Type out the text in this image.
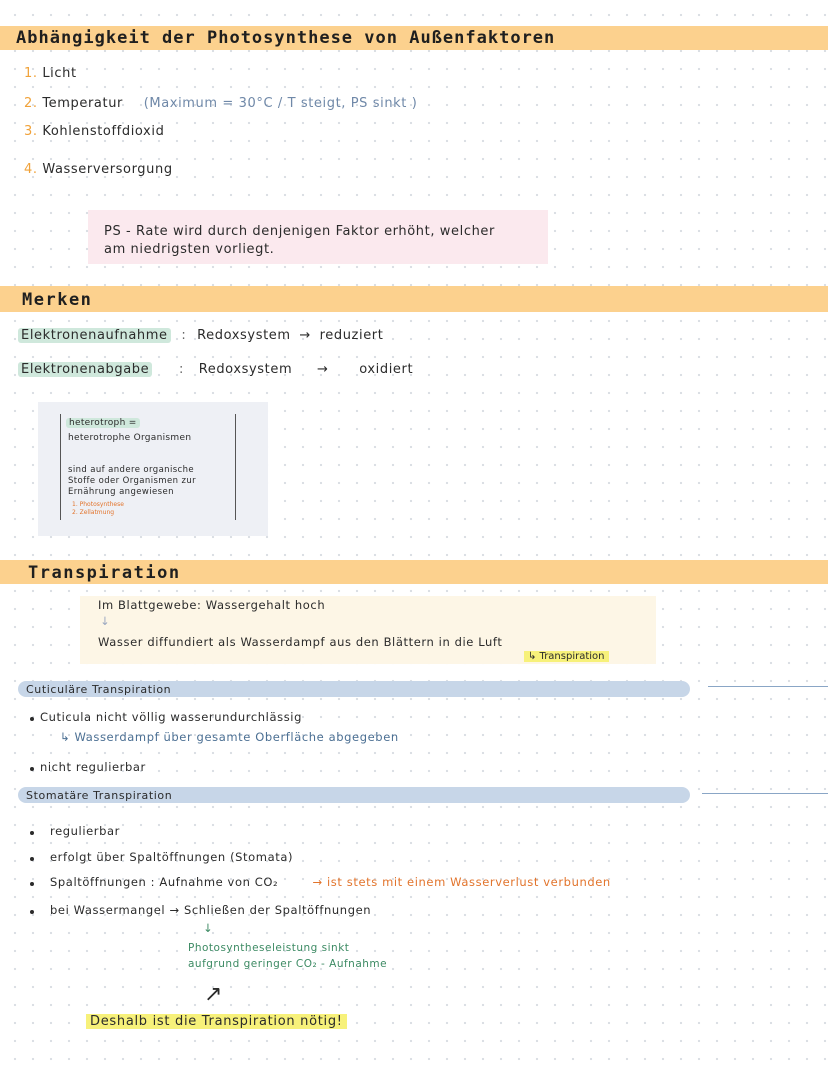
Abhängigkeit der Photosynthese von Außenfaktoren
1. Licht
2. Temperatur (Maximum = 30°C / T steigt, PS sinkt )
3. Kohlenstoffdioxid
4. Wasserversorgung
PS - Rate wird durch denjenigen Faktor erhöht, welcher
am niedrigsten vorliegt.
Merken
Elektronenaufnahme : Redoxsystem → reduziert
Elektronenabgabe : Redoxsystem → oxidiert
heterotroph =
heterotrophe Organismen
sind auf andere organische
Stoffe oder Organismen zur
Ernährung angewiesen
1. Photosynthese
2. Zellatmung
Transpiration
Im Blattgewebe: Wassergehalt hoch
↓
Wasser diffundiert als Wasserdampf aus den Blättern in die Luft
↳ Transpiration
Cuticuläre Transpiration
Cuticula nicht völlig wasserundurchlässig
↳ Wasserdampf über gesamte Oberfläche abgegeben
nicht regulierbar
Stomatäre Transpiration
regulierbar
erfolgt über Spaltöffnungen (Stomata)
Spaltöffnungen : Aufnahme von CO₂	→ ist stets mit einem Wasserverlust verbunden
bei Wassermangel → Schließen der Spaltöffnungen
↓
Photosyntheseleistung sinkt
aufgrund geringer CO₂ - Aufnahme
↗
Deshalb ist die Transpiration nötig!
